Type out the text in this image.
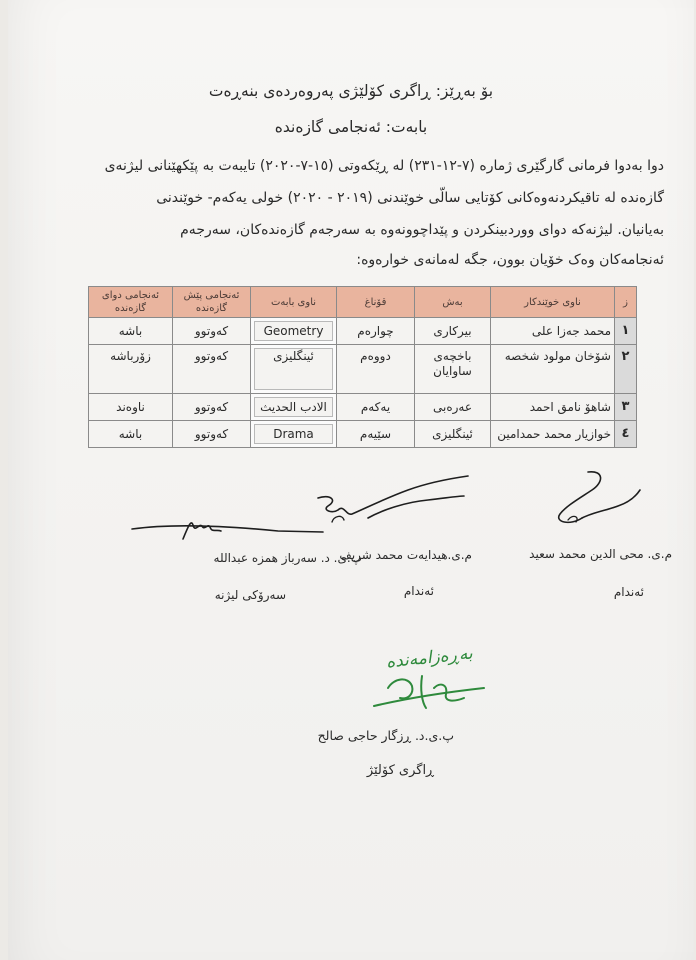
بۆ بەڕێز: ڕاگری کۆلێژی پەروەردەی بنەڕەت
بابەت: ئەنجامی گازەندە

دوا بەدوا فرمانی گارگێری ژمارە (٧-١٢-٢٣١) لە ڕێکەوتی (١٥-٧-٢٠٢٠) تایبەت بە پێکهێنانی لیژنەی

گازەندە لە تاقیکردنەوەکانی کۆتایی سالّی خوێندنی (٢٠١٩ - ٢٠٢٠) خولی یەکەم- خوێندنی

بەیانیان. لیژنەکە دوای ووردبینکردن و پێداچوونەوە بە سەرجەم گازەندەکان، سەرجەم

ئەنجامەکان وەک خۆیان بوون، جگە لەمانەی خوارەوە:

ز	ناوی خوێندکار	بەش	قۆناغ	ناوی بابەت	ئەنجامی پێش گازەندە	ئەنجامی دوای گازەندە
١	محمد جەزا علی	بیرکاری	چوارەم	Geometry	کەوتوو	باشە
٢	شۆخان مولود شخصه	باخچەی ساوایان	دووەم	ئینگلیزی	کەوتوو	زۆرباشە
٣	شاهۆ نامق احمد	عەرەبی	یەکەم	الادب الحدیث	کەوتوو	ناوەند
٤	خوازیار محمد حمدامین	ئینگلیزی	سێیەم	Drama	کەوتوو	باشە
پ.ی. د. سەرباز همزە عبدالله
سەرۆکی لیژنە
م.ی.هیدایەت محمد شریف
ئەندام
م.ی. محی الدین محمد سعید
ئەندام
بەڕەزامەندە
پ.ی.د. ڕزگار حاجی صالح
ڕاگری کۆلێژ
